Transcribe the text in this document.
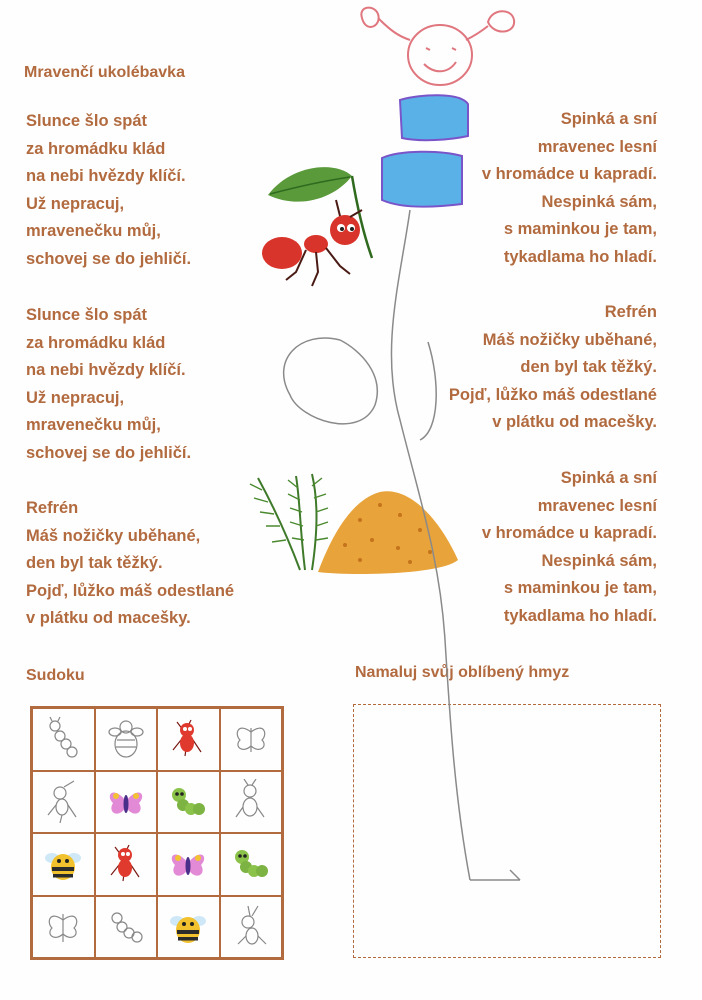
Mravenčí ukolébavka
Slunce šlo spát
za hromádku klád
na nebi hvězdy klíčí.
Už nepracuj,
mravenečku můj,
schovej se do jehličí.
Slunce šlo spát
za hromádku klád
na nebi hvězdy klíčí.
Už nepracuj,
mravenečku můj,
schovej se do jehličí.
Refrén
Máš nožičky uběhané,
den byl tak těžký.
Pojď, lůžko máš odestlané
v plátku od macešky.
Spinká a sní
mravenec lesní
v hromádce u kapradí.
Nespinká sám,
s maminkou je tam,
tykadlama ho hladí.
Refrén
Máš nožičky uběhané,
den byl tak těžký.
Pojď, lůžko máš odestlané
v plátku od macešky.
Spinká a sní
mravenec lesní
v hromádce u kapradí.
Nespinká sám,
s maminkou je tam,
tykadlama ho hladí.
Sudoku	Namaluj svůj oblíbený hmyz
